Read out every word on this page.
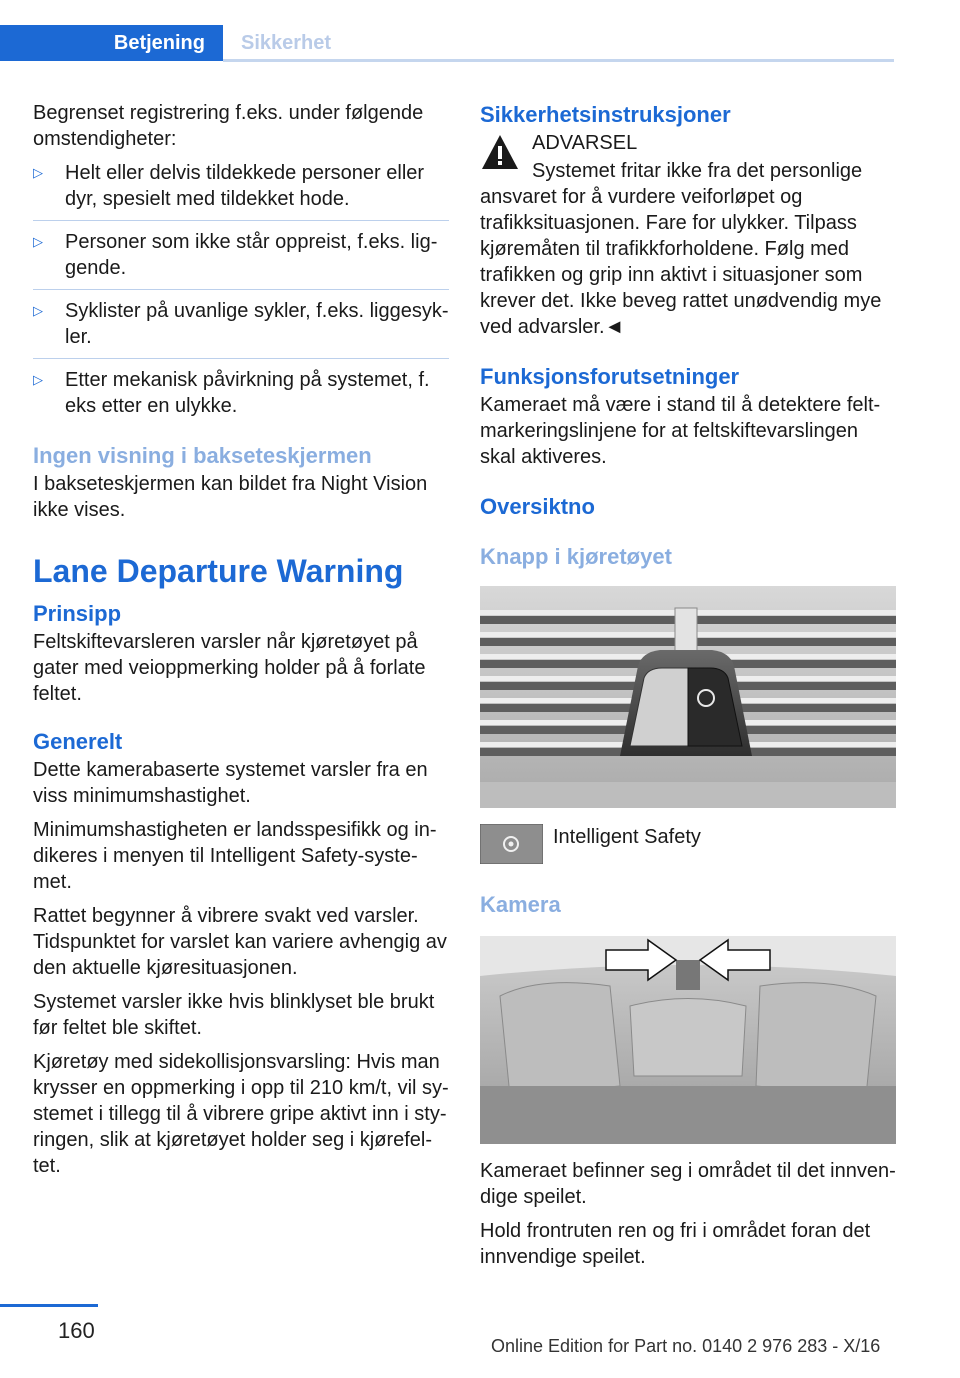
Betjening	Sikkerhet

Begrenset registrering f.eks. under følgende omstendigheter:

▷	Helt eller delvis tildekkede personer eller dyr, spesielt med tildekket hode.
▷	Personer som ikke står oppreist, f.eks. liggende.
▷	Syklister på uvanlige sykler, f.eks. liggesykler.
▷	Etter mekanisk påvirkning på systemet, f. eks etter en ulykke.
Ingen visning i bakseteskjermen

I bakseteskjermen kan bildet fra Night Vision ikke vises.

Lane Departure Warning
Prinsipp

Feltskiftevarsleren varsler når kjøretøyet på gater med veioppmerking holder på å forlate feltet.

Generelt

Dette kamerabaserte systemet varsler fra en viss minimumshastighet.

Minimumshastigheten er landsspesifikk og indikeres i menyen til Intelligent Safety-systemet.

Rattet begynner å vibrere svakt ved varsler. Tidspunktet for varslet kan variere avhengig av den aktuelle kjøresituasjonen.

Systemet varsler ikke hvis blinklyset ble brukt før feltet ble skiftet.

Kjøretøy med sidekollisjonsvarsling: Hvis man krysser en oppmerking i opp til 210 km/t, vil systemet i tillegg til å vibrere gripe aktivt inn i styringen, slik at kjøretøyet holder seg i kjørefeltet.

Sikkerhetsinstruksjoner
ADVARSEL

Systemet fritar ikke fra det personlige ansvaret for å vurdere veiforløpet og trafikksituasjonen. Fare for ulykker. Tilpass kjøremåten til trafikkforholdene. Følg med trafikken og grip inn aktivt i situasjoner som krever det. Ikke beveg rattet unødvendig mye ved advarsler.◄

Funksjonsforutsetninger

Kameraet må være i stand til å detektere feltmarkeringslinjene for at feltskiftevarslingen skal aktiveres.

Oversiktno
Knapp i kjøretøyet
Intelligent Safety
Kamera

Kameraet befinner seg i området til det innvendige speilet.

Hold frontruten ren og fri i området foran det innvendige speilet.

160
Online Edition for Part no. 0140 2 976 283 - X/16
